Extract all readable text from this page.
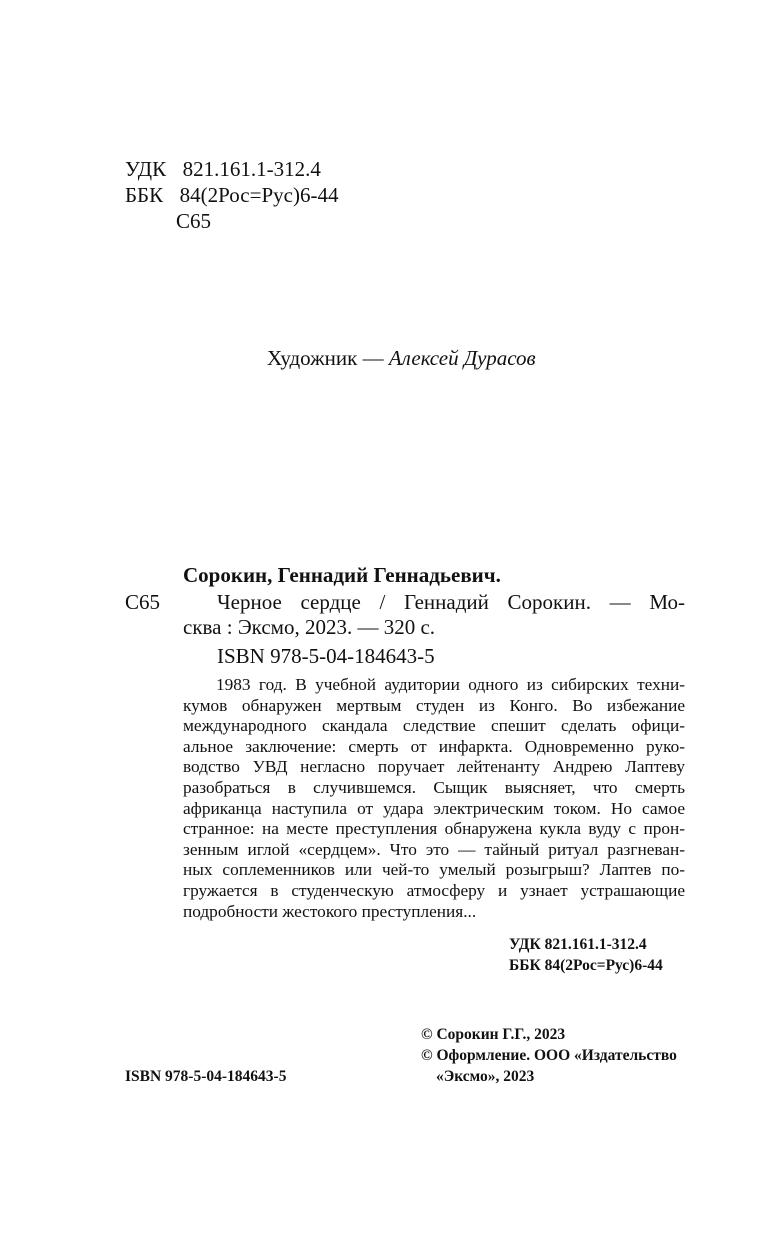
УДК 821.161.1-312.4
ББК 84(2Рос=Рус)6-44
С65
Художник — Алексей Дурасов
Сорокин, Геннадий Геннадьевич.
С65	Черное сердце / Геннадий Сорокин. — Мо-
сква : Эксмо, 2023. — 320 с.
ISBN 978-5-04-184643-5
1983 год. В учебной аудитории одного из сибирских техни-
кумов обнаружен мертвым студен из Конго. Во избежание
международного скандала следствие спешит сделать офици-
альное заключение: смерть от инфаркта. Одновременно руко-
водство УВД негласно поручает лейтенанту Андрею Лаптеву
разобраться в случившемся. Сыщик выясняет, что смерть
африканца наступила от удара электрическим током. Но самое
странное: на месте преступления обнаружена кукла вуду с прон-
зенным иглой «сердцем». Что это — тайный ритуал разгневан-
ных соплеменников или чей-то умелый розыгрыш? Лаптев по-
гружается в студенческую атмосферу и узнает устрашающие
подробности жестокого преступления...
УДК 821.161.1-312.4
ББК 84(2Рос=Рус)6-44
© Сорокин Г.Г., 2023
© Оформление. ООО «Издательство
«Эксмо», 2023
ISBN 978-5-04-184643-5
